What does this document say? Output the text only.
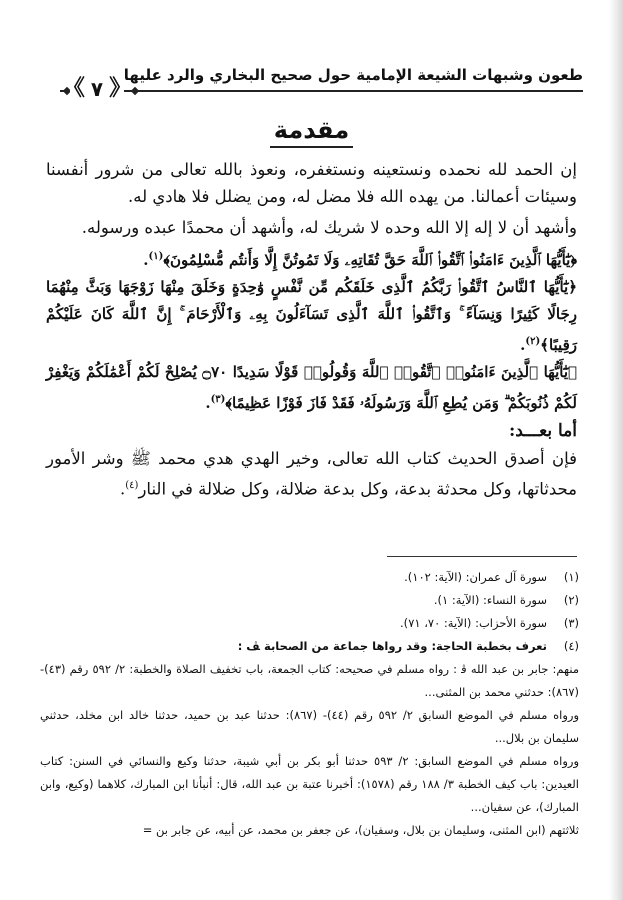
طعون وشبهات الشيعة الإمامية حول صحيح البخاري والرد عليها
《 ٧ 》
مقدمة

إن الحمد لله نحمده ونستعينه ونستغفره، ونعوذ بالله تعالى من شرور أنفسنا وسيئات أعمالنا. من يهده الله فلا مضل له، ومن يضلل فلا هادي له.

وأشهد أن لا إله إلا الله وحده لا شريك له، وأشهد أن محمدًا عبده ورسوله.

﴿يَٰٓأَيُّهَا ٱلَّذِينَ ءَامَنُوا۟ ٱتَّقُوا۟ ٱللَّهَ حَقَّ تُقَاتِهِۦ وَلَا تَمُوتُنَّ إِلَّا وَأَنتُم مُّسْلِمُونَ﴾$^{(١)}$.

﴿يَٰٓأَيُّهَا ٱلنَّاسُ ٱتَّقُوا۟ رَبَّكُمُ ٱلَّذِى خَلَقَكُم مِّن نَّفْسٍ وَٰحِدَةٍ وَخَلَقَ مِنْهَا زَوْجَهَا وَبَثَّ مِنْهُمَا رِجَالًا كَثِيرًا وَنِسَآءً ۚ وَٱتَّقُوا۟ ٱللَّهَ ٱلَّذِى تَسَآءَلُونَ بِهِۦ وَٱلْأَرْحَامَ ۚ إِنَّ ٱللَّهَ كَانَ عَلَيْكُمْ رَقِيبًا﴾$^{(٢)}$.

﴿يَٰٓأَيُّهَا ٱلَّذِينَ ءَامَنُوا۟ ٱتَّقُوا۟ ٱللَّهَ وَقُولُوا۟ قَوْلًا سَدِيدًا ۝٧٠ يُصْلِحْ لَكُمْ أَعْمَٰلَكُمْ وَيَغْفِرْ لَكُمْ ذُنُوبَكُمْ ۗ وَمَن يُطِعِ ٱللَّهَ وَرَسُولَهُۥ فَقَدْ فَازَ فَوْزًا عَظِيمًا﴾$^{(٣)}$.

أما بعـــد:

فإن أصدق الحديث كتاب الله تعالى، وخير الهدي هدي محمد ﷺ وشر الأمور محدثاتها، وكل محدثة بدعة، وكل بدعة ضلالة، وكل ضلالة في النار$^{(٤)}$.

(١)
سورة آل عمران: (الآية: ١٠٢).
(٢)
سورة النساء: (الآية: ١).
(٣)
سورة الأحزاب: (الآية: ٧٠، ٧١).
(٤)
تعرف بخطبة الحاجة: وقد رواها جماعة من الصحابة ﭫ :

منهم: جابر بن عبد الله ﭬ : رواه مسلم في صحيحه: كتاب الجمعة، باب تخفيف الصلاة والخطبة: ٢/ ٥٩٢ رقم (٤٣)- (٨٦٧): حدثني محمد بن المثنى...

ورواه مسلم في الموضع السابق ٢/ ٥٩٢ رقم (٤٤)- (٨٦٧): حدثنا عبد بن حميد، حدثنا خالد ابن مخلد، حدثني سليمان بن بلال...

ورواه مسلم في الموضع السابق: ٢/ ٥٩٣ حدثنا أبو بكر بن أبي شيبة، حدثنا وكيع والنسائي في السنن: كتاب العيدين: باب كيف الخطبة ٣/ ١٨٨ رقم (١٥٧٨): أخبرنا عتبة بن عبد الله، قال: أنبأنا ابن المبارك، كلاهما (وكيع، وابن المبارك)، عن سفيان...

ثلاثتهم (ابن المثنى، وسليمان بن بلال، وسفيان)، عن جعفر بن محمد، عن أبيه، عن جابر بن =
